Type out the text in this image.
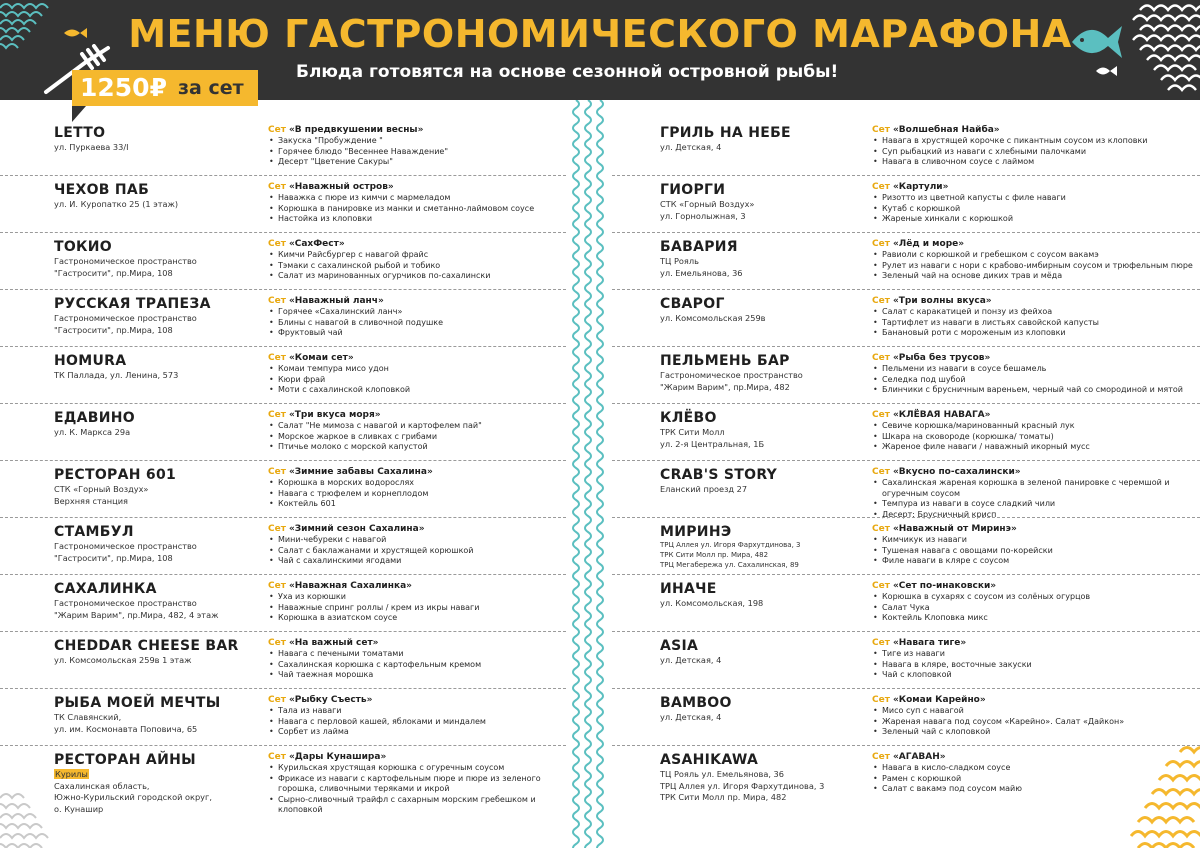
МЕНЮ ГАСТРОНОМИЧЕСКОГО МАРАФОНА
Блюда готовятся на основе сезонной островной рыбы!
1250₽ за сет
LETTO
ул. Пуркаева 33/I
Сет «В предвкушении весны»
• Закуска "Пробуждение "
• Горячее блюдо "Весеннее Наваждение"
• Десерт "Цветение Сакуры"
ЧЕХОВ ПАБ
ул. И. Куропатко 25 (1 этаж)
Сет «Наважный остров»
• Наважка с пюре из кимчи с мармеладом
• Корюшка в панировке из манки и сметанно-лаймовом соусе
• Настойка из клоповки
ТОКИО
Гастрономическое пространство
"Гастросити", пр.Мира, 108
Сет «СахФест»
• Кимчи Райсбургер с навагой фрайс
• Тэмаки с сахалинской рыбой и тобико
• Салат из маринованных огурчиков по-сахалински
РУССКАЯ ТРАПЕЗА
Гастрономическое пространство
"Гастросити", пр.Мира, 108
Сет «Наважный ланч»
• Горячее «Сахалинский ланч»
• Блины с навагой в сливочной подушке
• Фруктовый чай
HOMURA
ТК Паллада, ул. Ленина, 573
Сет «Комаи сет»
• Комаи темпура мисо удон
• Кюри фрай
• Моти с сахалинской клоповкой
ЕДАВИНО
ул. К. Маркса 29а
Сет «Три вкуса моря»
• Салат "Не мимоза с навагой и картофелем пай"
• Морское жаркое в сливках с грибами
• Птичье молоко с морской капустой
РЕСТОРАН 601
СТК «Горный Воздух»
Верхняя станция
Сет «Зимние забавы Сахалина»
• Корюшка в морских водорослях
• Навага с трюфелем и корнеплодом
• Коктейль 601
СТАМБУЛ
Гастрономическое пространство
"Гастросити", пр.Мира, 108
Сет «Зимний сезон Сахалина»
• Мини-чебуреки с навагой
• Салат с баклажанами и хрустящей корюшкой
• Чай с сахалинскими ягодами
САХАЛИНКА
Гастрономическое пространство
"Жарим Варим", пр.Мира, 482, 4 этаж
Сет «Наважная Сахалинка»
• Уха из корюшки
• Наважные спринг роллы / крем из икры наваги
• Корюшка в азиатском соусе
CHEDDAR CHEESE BAR
ул. Комсомольская 259в 1 этаж
Сет «На важный сет»
• Навага с печеными томатами
• Сахалинская корюшка с картофельным кремом
• Чай таежная морошка
РЫБА МОЕЙ МЕЧТЫ
ТК Славянский,
ул. им. Космонавта Поповича, 65
Сет «Рыбку Съесть»
• Тала из наваги
• Навага с перловой кашей, яблоками и миндалем
• Сорбет из лайма
РЕСТОРАН АЙНЫ
Курилы
Сахалинская область,
Южно-Курильский городской округ,
о. Кунашир
Сет «Дары Кунашира»
• Курильская хрустящая корюшка с огуречным соусом
• Фрикасе из наваги с картофельным пюре и пюре из зеленого горошка, сливочными теряками и икрой
• Сырно-сливочный трайфл с сахарным морским гребешком и клоповкой
ГРИЛЬ НА НЕБЕ
ул. Детская, 4
Сет «Волшебная Найба»
• Навага в хрустящей корочке с пикантным соусом из клоповки
• Суп рыбацкий из наваги с хлебными палочками
• Навага в сливочном соусе с лаймом
ГИОРГИ
СТК «Горный Воздух»
ул. Горнолыжная, 3
Сет «Картули»
• Ризотто из цветной капусты с филе наваги
• Кутаб с корюшкой
• Жареные хинкали с корюшкой
БАВАРИЯ
ТЦ Рояль
ул. Емельянова, 36
Сет «Лёд и море»
• Равиоли с корюшкой и гребешком с соусом вакамэ
• Рулет из наваги с нори с крабово-имбирным соусом и трюфельным пюре
• Зеленый чай на основе диких трав и мёда
СВАРОГ
ул. Комсомольская 259в
Сет «Три волны вкуса»
• Салат с каракатицей и понзу из фейхоа
• Тартифлет из наваги в листьях савойской капусты
• Банановый роти с мороженым из клоповки
ПЕЛЬМЕНЬ БАР
Гастрономическое пространство
"Жарим Варим", пр.Мира, 482
Сет «Рыба без трусов»
• Пельмени из наваги в соусе бешамель
• Селедка под шубой
• Блинчики с брусничным вареньем, черный чай со смородиной и мятой
КЛЁВО
ТРК Сити Молл
ул. 2-я Центральная, 1Б
Сет «КЛЁВАЯ НАВАГА»
• Севиче корюшка/маринованный красный лук
• Шкара на сковороде (корюшка/ томаты)
• Жареное филе наваги / наважный икорный мусс
CRAB'S STORY
Еланский проезд 27
Сет «Вкусно по-сахалински»
• Сахалинская жареная корюшка в зеленой панировке с черемшой и огуречным соусом
• Темпура из наваги в соусе сладкий чили
• Десерт: Брусничный крисп
МИРИНЭ
ТРЦ Аллея ул. Игоря Фархутдинова, 3
ТРК Сити Молл пр. Мира, 482
ТРЦ Мегабережа ул. Сахалинская, 89
Сет «Наважный от Миринэ»
• Кимчикук из наваги
• Тушеная навага с овощами по-корейски
• Филе наваги в кляре с соусом
ИНАЧЕ
ул. Комсомольская, 198
Сет «Сет по-инаковски»
• Корюшка в сухарях с соусом из солёных огурцов
• Салат Чука
• Коктейль Клоповка микс
ASIA
ул. Детская, 4
Сет «Навага тиге»
• Тиге из наваги
• Навага в кляре, восточные закуски
• Чай с клоповкой
BAMBOO
ул. Детская, 4
Сет «Комаи Карейно»
• Мисо суп с навагой
• Жареная навага под соусом «Карейно». Салат «Дайкон»
• Зеленый чай с клоповкой
ASAHIKAWA
ТЦ Рояль ул. Емельянова, 36
ТРЦ Аллея ул. Игоря Фархутдинова, 3
ТРК Сити Молл пр. Мира, 482
Сет «АГАВАН»
• Навага в кисло-сладком соусе
• Рамен с корюшкой
• Салат с вакамэ под соусом майю
